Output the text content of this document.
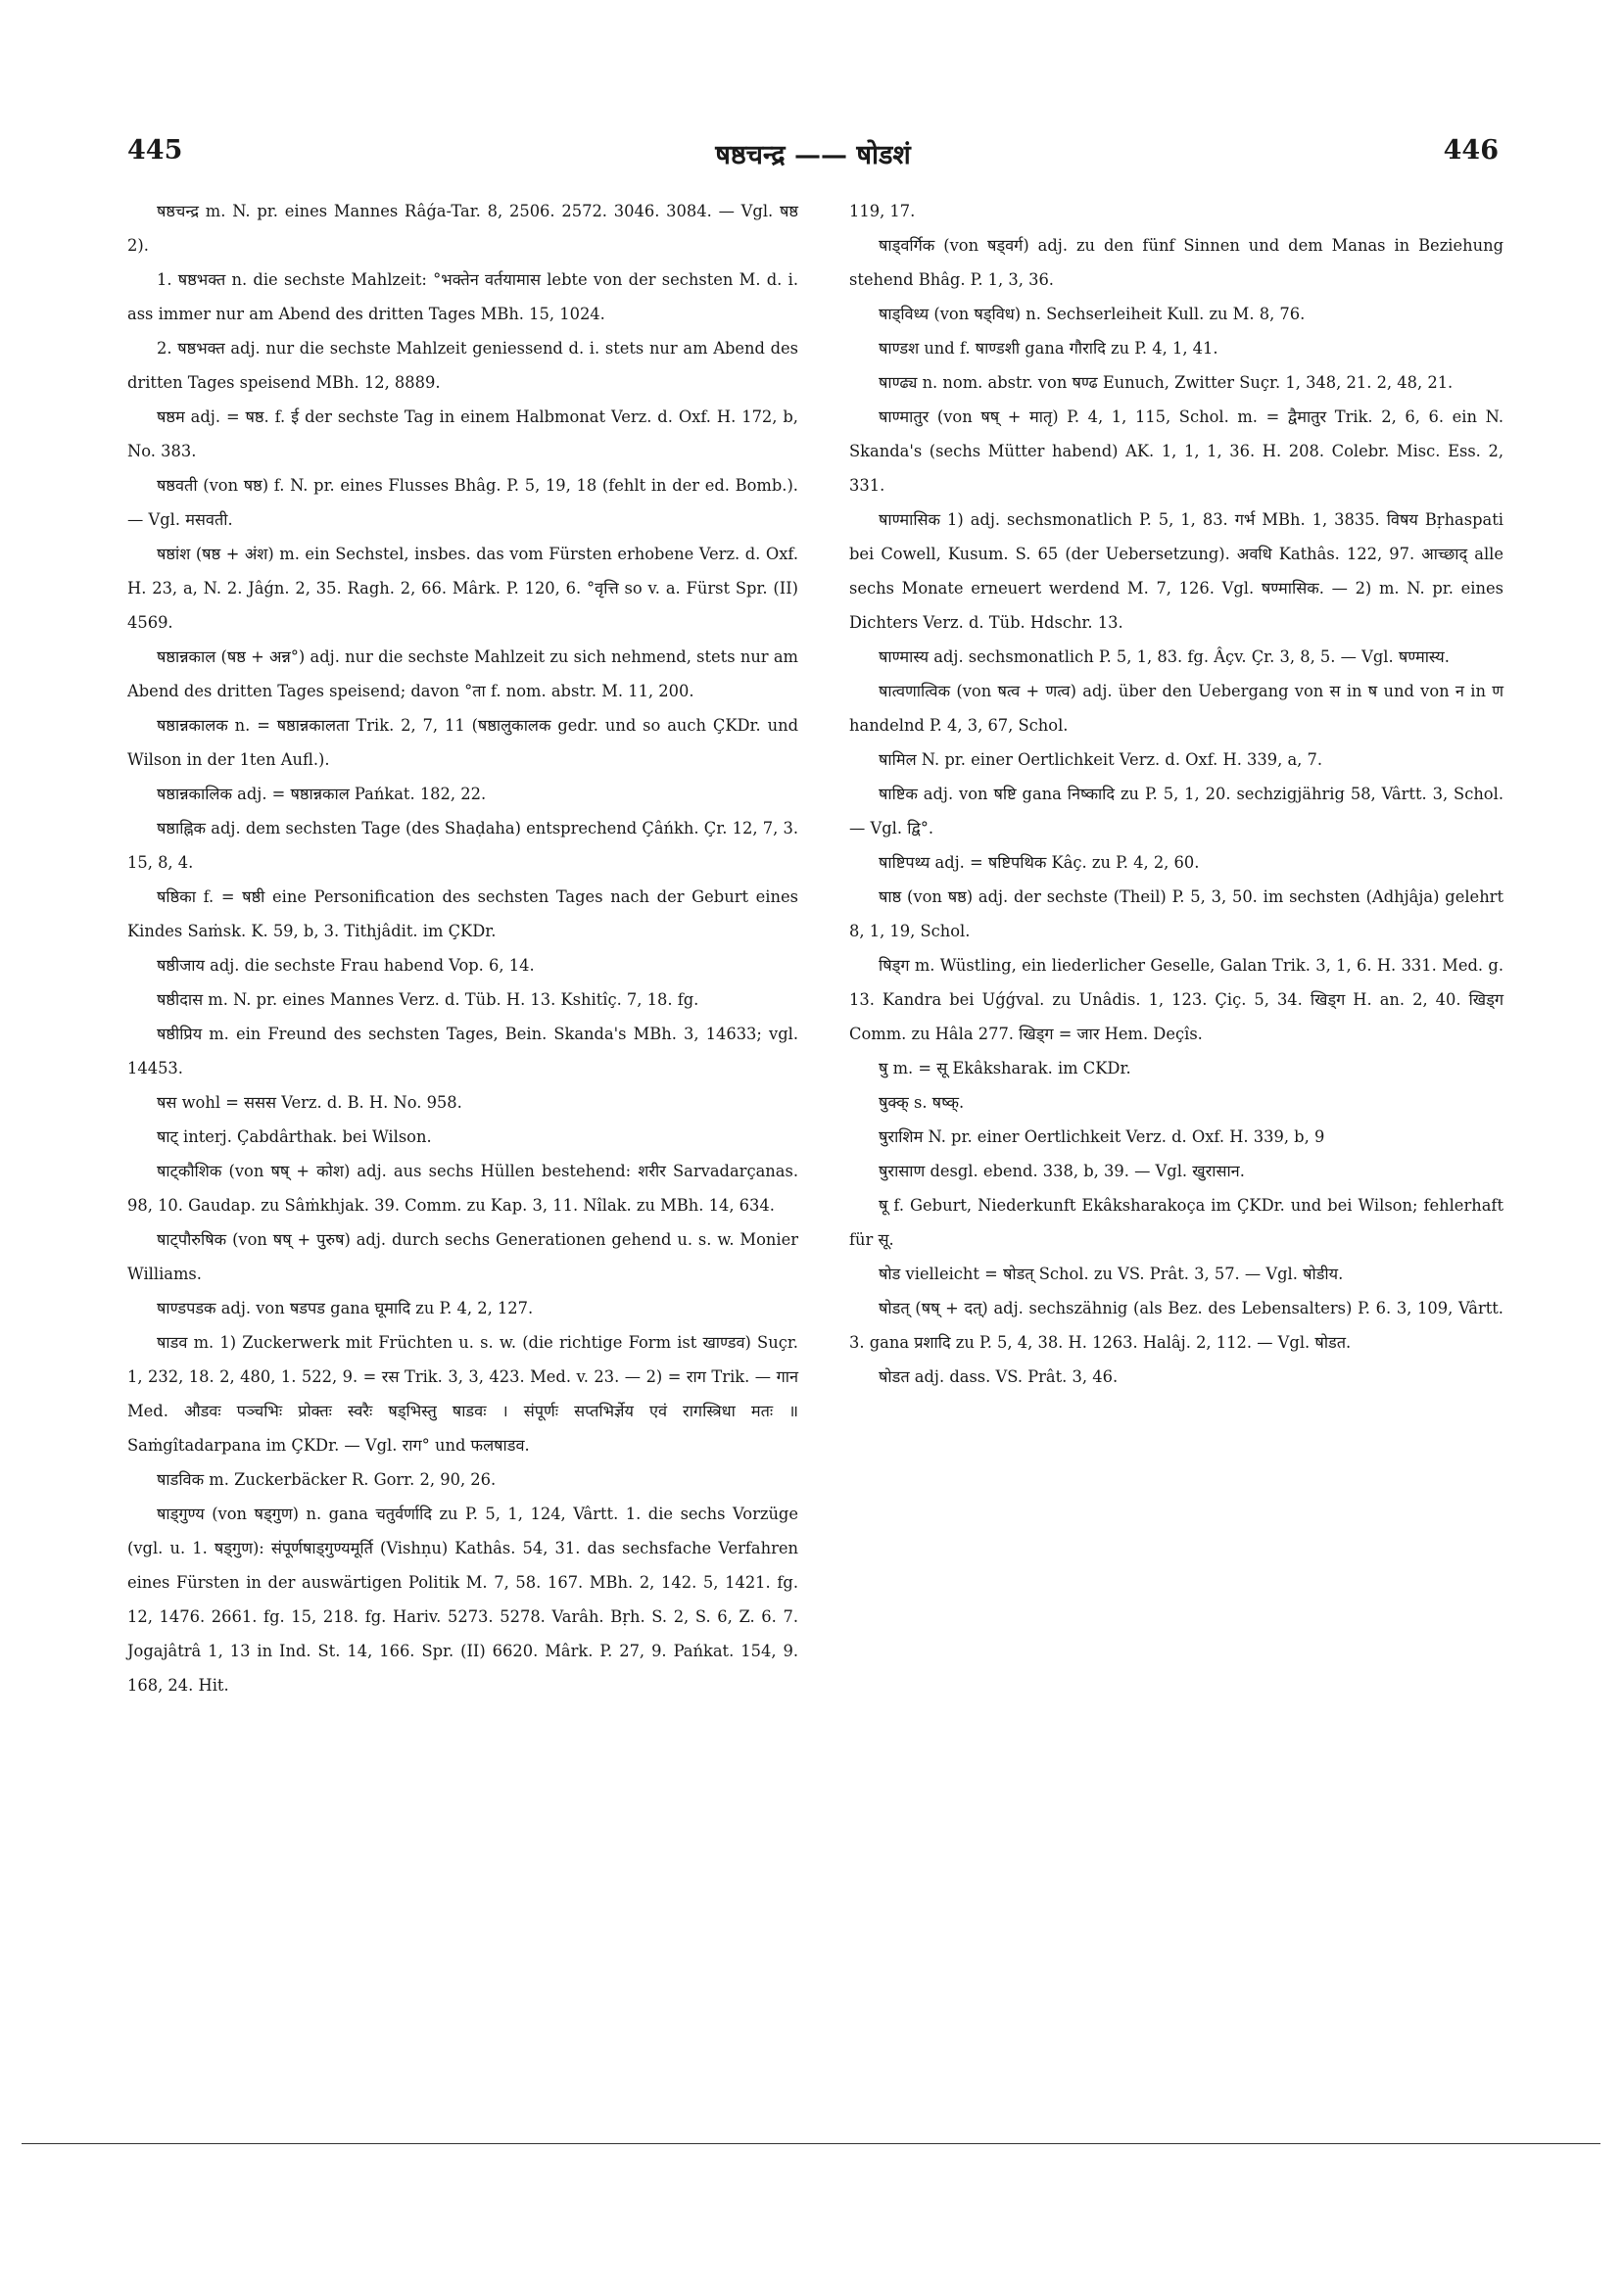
445	षष्ठचन्द्र —— षोडशं	446

षष्ठचन्द्र m. N. pr. eines Mannes Râǵa-Tar. 8, 2506. 2572. 3046. 3084. — Vgl. षष्ठ 2).

1. षष्ठभक्त n. die sechste Mahlzeit: °भक्तेन वर्तयामास lebte von der sechsten M. d. i. ass immer nur am Abend des dritten Tages MBh. 15, 1024.

2. षष्ठभक्त adj. nur die sechste Mahlzeit geniessend d. i. stets nur am Abend des dritten Tages speisend MBh. 12, 8889.

षष्ठम adj. = षष्ठ. f. ई der sechste Tag in einem Halbmonat Verz. d. Oxf. H. 172, b, No. 383.

षष्ठवती (von षष्ठ) f. N. pr. eines Flusses Bhâg. P. 5, 19, 18 (fehlt in der ed. Bomb.). — Vgl. मसवती.

षष्ठांश (षष्ठ + अंश) m. ein Sechstel, insbes. das vom Fürsten erhobene Verz. d. Oxf. H. 23, a, N. 2. Jâǵn. 2, 35. Ragh. 2, 66. Mârk. P. 120, 6. °वृत्ति so v. a. Fürst Spr. (II) 4569.

षष्ठान्नकाल (षष्ठ + अन्न°) adj. nur die sechste Mahlzeit zu sich nehmend, stets nur am Abend des dritten Tages speisend; davon °ता f. nom. abstr. M. 11, 200.

षष्ठान्नकालक n. = षष्ठान्नकालता Trik. 2, 7, 11 (षष्ठालुकालक gedr. und so auch ÇKDr. und Wilson in der 1ten Aufl.).

षष्ठान्नकालिक adj. = षष्ठान्नकाल Pańkat. 182, 22.

षष्ठाह्निक adj. dem sechsten Tage (des Shaḍaha) entsprechend Çâńkh. Çr. 12, 7, 3. 15, 8, 4.

षष्ठिका f. = षष्ठी eine Personification des sechsten Tages nach der Geburt eines Kindes Saṁsk. K. 59, b, 3. Tithjâdit. im ÇKDr.

षष्ठीजाय adj. die sechste Frau habend Vop. 6, 14.

षष्ठीदास m. N. pr. eines Mannes Verz. d. Tüb. H. 13. Kshitîç. 7, 18. fg.

षष्ठीप्रिय m. ein Freund des sechsten Tages, Bein. Skanda's MBh. 3, 14633; vgl. 14453.

षस wohl = ससस Verz. d. B. H. No. 958.

षाट् interj. Çabdârthak. bei Wilson.

षाट्कौशिक (von षष् + कोश) adj. aus sechs Hüllen bestehend: शरीर Sarvadarçanas. 98, 10. Gaudap. zu Sâṁkhjak. 39. Comm. zu Kap. 3, 11. Nîlak. zu MBh. 14, 634.

षाट्पौरुषिक (von षष् + पुरुष) adj. durch sechs Generationen gehend u. s. w. Monier Williams.

षाण्डपडक adj. von षडपड gana घूमादि zu P. 4, 2, 127.

षाडव m. 1) Zuckerwerk mit Früchten u. s. w. (die richtige Form ist खाण्डव) Suçr. 1, 232, 18. 2, 480, 1. 522, 9. = रस Trik. 3, 3, 423. Med. v. 23. — 2) = राग Trik. — गान Med. औडवः पञ्चभिः प्रोक्तः स्वरैः षड्भिस्तु षाडवः । संपूर्णः सप्तभिर्ज्ञेय एवं रागस्त्रिधा मतः ॥ Saṁgîtadarpana im ÇKDr. — Vgl. राग° und फलषाडव.

षाडविक m. Zuckerbäcker R. Gorr. 2, 90, 26.

षाड्गुण्य (von षड्गुण) n. gana चतुर्वर्णादि zu P. 5, 1, 124, Vârtt. 1. die sechs Vorzüge (vgl. u. 1. षड्गुण): संपूर्णषाड्गुण्यमूर्ति (Vishṇu) Kathâs. 54, 31. das sechsfache Verfahren eines Fürsten in der auswärtigen Politik M. 7, 58. 167. MBh. 2, 142. 5, 1421. fg. 12, 1476. 2661. fg. 15, 218. fg. Hariv. 5273. 5278. Varâh. Bṛh. S. 2, S. 6, Z. 6. 7. Jogajâtrâ 1, 13 in Ind. St. 14, 166. Spr. (II) 6620. Mârk. P. 27, 9. Pańkat. 154, 9. 168, 24. Hit.

119, 17.

षाड्वर्गिक (von षड्वर्ग) adj. zu den fünf Sinnen und dem Manas in Beziehung stehend Bhâg. P. 1, 3, 36.

षाड्विध्य (von षड्विध) n. Sechserleiheit Kull. zu M. 8, 76.

षाण्डश und f. षाण्डशी gana गौरादि zu P. 4, 1, 41.

षाण्ढ्य n. nom. abstr. von षण्ढ Eunuch, Zwitter Suçr. 1, 348, 21. 2, 48, 21.

षाण्मातुर (von षष् + मातृ) P. 4, 1, 115, Schol. m. = द्वैमातुर Trik. 2, 6, 6. ein N. Skanda's (sechs Mütter habend) AK. 1, 1, 1, 36. H. 208. Colebr. Misc. Ess. 2, 331.

षाण्मासिक 1) adj. sechsmonatlich P. 5, 1, 83. गर्भ MBh. 1, 3835. विषय Bṛhaspati bei Cowell, Kusum. S. 65 (der Uebersetzung). अवधि Kathâs. 122, 97. आच्छाद् alle sechs Monate erneuert werdend M. 7, 126. Vgl. षण्मासिक. — 2) m. N. pr. eines Dichters Verz. d. Tüb. Hdschr. 13.

षाण्मास्य adj. sechsmonatlich P. 5, 1, 83. fg. Âçv. Çr. 3, 8, 5. — Vgl. षण्मास्य.

षात्वणात्विक (von षत्व + णत्व) adj. über den Uebergang von स in ष und von न in ण handelnd P. 4, 3, 67, Schol.

षामिल N. pr. einer Oertlichkeit Verz. d. Oxf. H. 339, a, 7.

षाष्टिक adj. von षष्टि gana निष्कादि zu P. 5, 1, 20. sechzigjährig 58, Vârtt. 3, Schol. — Vgl. द्वि°.

षाष्टिपथ्य adj. = षष्टिपथिक Kâç. zu P. 4, 2, 60.

षाष्ठ (von षष्ठ) adj. der sechste (Theil) P. 5, 3, 50. im sechsten (Adhjâja) gelehrt 8, 1, 19, Schol.

षिड्ग m. Wüstling, ein liederlicher Geselle, Galan Trik. 3, 1, 6. H. 331. Med. g. 13. Kandra bei Uǵǵval. zu Unâdis. 1, 123. Çiç. 5, 34. खिड्ग H. an. 2, 40. खिड्ग Comm. zu Hâla 277. खिड्ग = जार Hem. Deçîs.

षु m. = सू Ekâksharak. im CKDr.

षुक्क् s. षष्क्.

षुराशिम N. pr. einer Oertlichkeit Verz. d. Oxf. H. 339, b, 9

षुरासाण desgl. ebend. 338, b, 39. — Vgl. खुरासान.

षू f. Geburt, Niederkunft Ekâksharakoça im ÇKDr. und bei Wilson; fehlerhaft für सू.

षोड vielleicht = षोडत् Schol. zu VS. Prât. 3, 57. — Vgl. षोडीय.

षोडत् (षष् + दत्) adj. sechszähnig (als Bez. des Lebensalters) P. 6. 3, 109, Vârtt. 3. gana प्रशादि zu P. 5, 4, 38. H. 1263. Halâj. 2, 112. — Vgl. षोडत.

षोडत adj. dass. VS. Prât. 3, 46.
